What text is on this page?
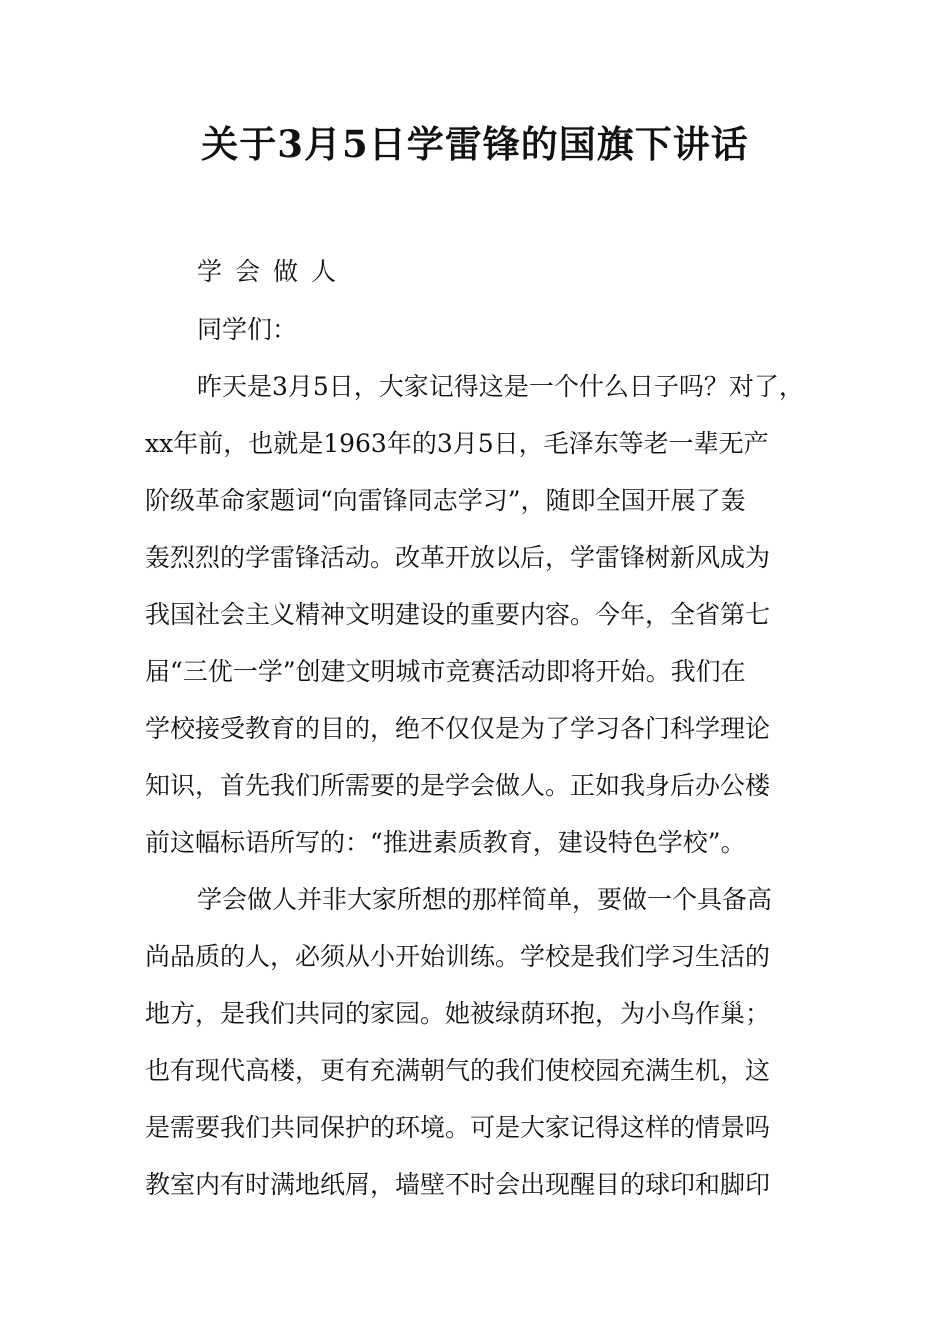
关于3月5日学雷锋的国旗下讲话

学会做人

同学们：

昨天是3月5日，大家记得这是一个什么日子吗？对了，

xx年前，也就是1963年的3月5日，毛泽东等老一辈无产

阶级革命家题词“向雷锋同志学习”，随即全国开展了轰

轰烈烈的学雷锋活动。改革开放以后，学雷锋树新风成为

我国社会主义精神文明建设的重要内容。今年，全省第七

届“三优一学”创建文明城市竞赛活动即将开始。我们在

学校接受教育的目的，绝不仅仅是为了学习各门科学理论

知识，首先我们所需要的是学会做人。正如我身后办公楼

前这幅标语所写的：“推进素质教育，建设特色学校”。

学会做人并非大家所想的那样简单，要做一个具备高

尚品质的人，必须从小开始训练。学校是我们学习生活的

地方，是我们共同的家园。她被绿荫环抱，为小鸟作巢；

也有现代高楼，更有充满朝气的我们使校园充满生机，这

是需要我们共同保护的环境。可是大家记得这样的情景吗

教室内有时满地纸屑，墙壁不时会出现醒目的球印和脚印
